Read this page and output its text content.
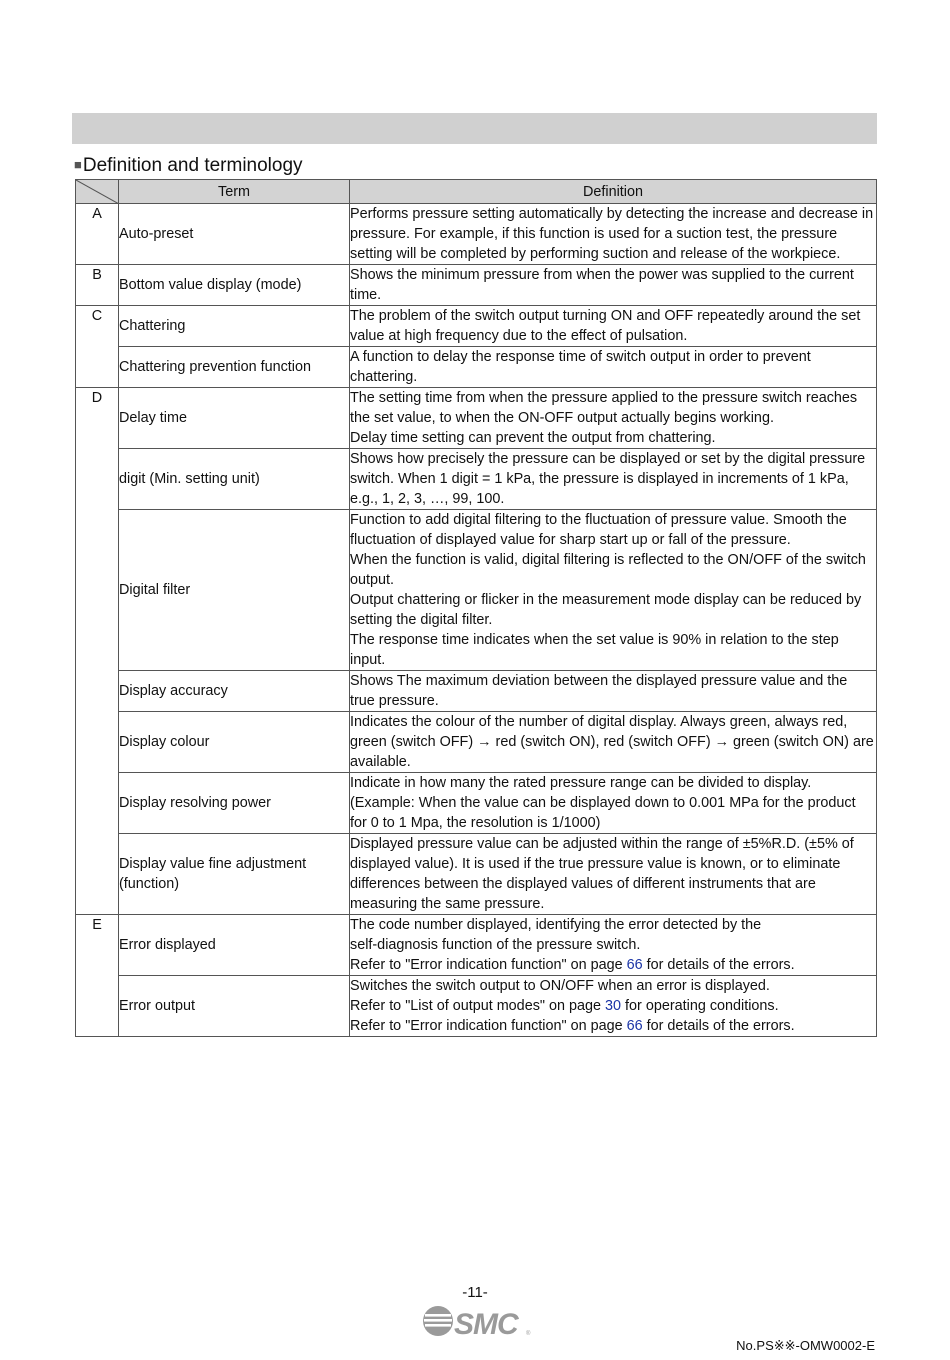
■Definition and terminology
	Term	Definition
A	Auto-preset	Performs pressure setting automatically by detecting the increase and decrease in pressure. For example, if this function is used for a suction test, the pressure setting will be completed by performing suction and release of the workpiece.

B	Bottom value display (mode)	Shows the minimum pressure from when the power was supplied to the current time.

C	Chattering	The problem of the switch output turning ON and OFF repeatedly around the set value at high frequency due to the effect of pulsation.

	Chattering prevention function	A function to delay the response time of switch output in order to prevent chattering.

D	Delay time	The setting time from when the pressure applied to the pressure switch reaches the set value, to when the ON-OFF output actually begins working.
Delay time setting can prevent the output from chattering.

	digit (Min. setting unit)	Shows how precisely the pressure can be displayed or set by the digital pressure switch. When 1 digit = 1 kPa, the pressure is displayed in increments of 1 kPa, e.g., 1, 2, 3, …, 99, 100.

	Digital filter	Function to add digital filtering to the fluctuation of pressure value. Smooth the fluctuation of displayed value for sharp start up or fall of the pressure.
When the function is valid, digital filtering is reflected to the ON/OFF of the switch output.
Output chattering or flicker in the measurement mode display can be reduced by setting the digital filter.
The response time indicates when the set value is 90% in relation to the step input.

	Display accuracy	Shows The maximum deviation between the displayed pressure value and the true pressure.

	Display colour	Indicates the colour of the number of digital display. Always green, always red, green (switch OFF) → red (switch ON), red (switch OFF) → green (switch ON) are available.

	Display resolving power	Indicate in how many the rated pressure range can be divided to display. (Example: When the value can be displayed down to 0.001 MPa for the product for 0 to 1 Mpa, the resolution is 1/1000)

	Display value fine adjustment (function)	Displayed pressure value can be adjusted within the range of ±5%R.D. (±5% of displayed value). It is used if the true pressure value is known, or to eliminate differences between the displayed values of different instruments that are measuring the same pressure.

E	Error displayed	The code number displayed, identifying the error detected by the
self-diagnosis function of the pressure switch.
Refer to "Error indication function" on page 66 for details of the errors.

	Error output	Switches the switch output to ON/OFF when an error is displayed.
Refer to "List of output modes" on page 30 for operating conditions.
Refer to "Error indication function" on page 66 for details of the errors.
-11-
SMC	®
No.PS※※-OMW0002-E
